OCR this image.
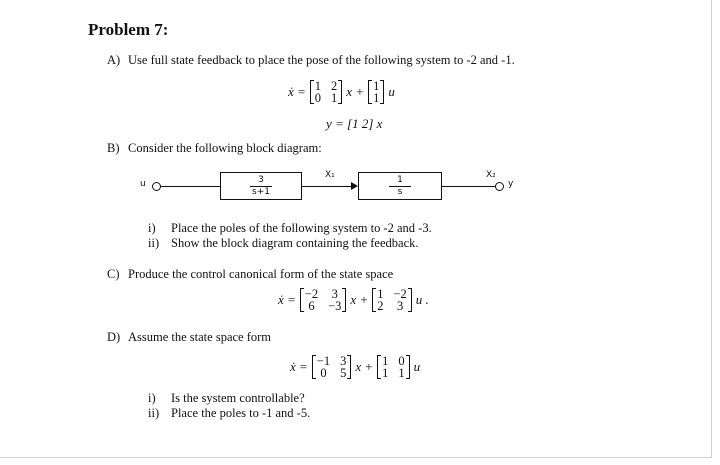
Problem 7:
A) Use full state feedback to place the pose of the following system to -2 and -1.
ẋ = 1 2
0 1 x + 1
1 u
y = [1 2] x
B) Consider the following block diagram:
u	$\frac{3}{s+1}$	X₁	$\frac{1}{s}$	X₂
y
i) Place the poles of the following system to -2 and -3.
ii) Show the block diagram containing the feedback.
C) Produce the control canonical form of the state space
ẋ = −2 3
6 −3 x + 1 −2
2 3 u .
D) Assume the state space form
ẋ = −1 3
0 5 x + 1 0
1 1 u
i) Is the system controllable?
ii) Place the poles to -1 and -5.
